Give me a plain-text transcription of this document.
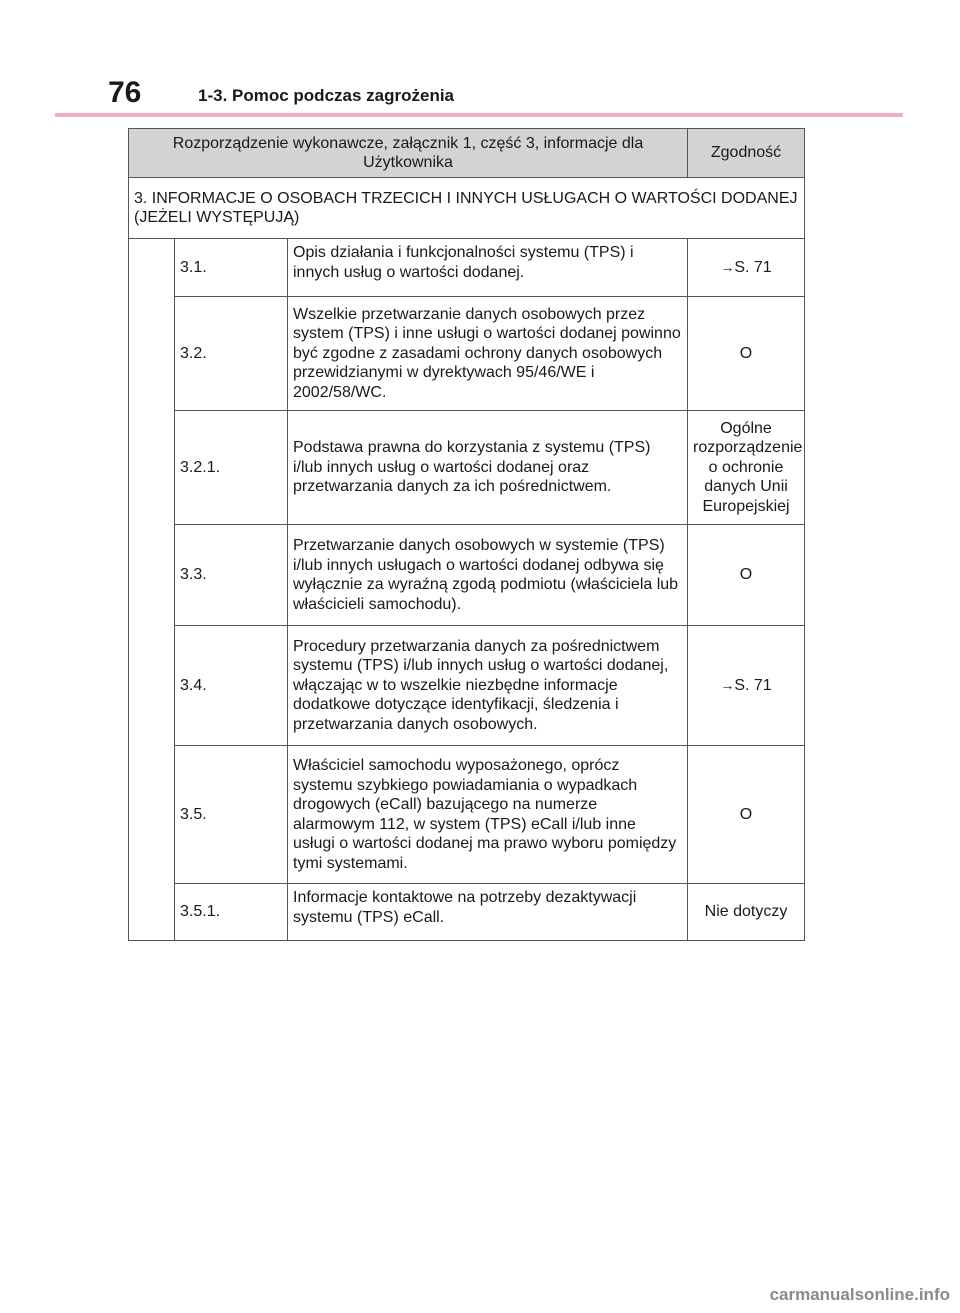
76	1-3. Pomoc podczas zagrożenia
Rozporządzenie wykonawcze, załącznik 1, część 3, informacje dla Użytkownika			Zgodność
3. INFORMACJE O OSOBACH TRZECICH I INNYCH USŁUGACH O WARTOŚCI DODANEJ (JEŻELI WYSTĘPUJĄ)			
	3.1.	Opis działania i funkcjonalności systemu (TPS) i innych usług o wartości dodanej.	→S. 71
	3.2.	Wszelkie przetwarzanie danych osobowych przez system (TPS) i inne usługi o wartości dodanej powinno być zgodne z zasadami ochrony danych osobowych przewidzianymi w dyrektywach 95/46/WE i 2002/58/WC.	O
	3.2.1.	Podstawa prawna do korzystania z systemu (TPS) i/lub innych usług o wartości dodanej oraz przetwarzania danych za ich pośrednictwem.	Ogólne rozporządzenie o ochronie danych Unii Europejskiej
	3.3.	Przetwarzanie danych osobowych w systemie (TPS) i/lub innych usługach o wartości dodanej odbywa się wyłącznie za wyraźną zgodą podmiotu (właściciela lub właścicieli samochodu).	O
	3.4.	Procedury przetwarzania danych za pośrednictwem systemu (TPS) i/lub innych usług o wartości dodanej, włączając w to wszelkie niezbędne informacje dodatkowe dotyczące identyfikacji, śledzenia i przetwarzania danych osobowych.	→S. 71
	3.5.	Właściciel samochodu wyposażonego, oprócz systemu szybkiego powiadamiania o wypadkach drogowych (eCall) bazującego na numerze alarmowym 112, w system (TPS) eCall i/lub inne usługi o wartości dodanej ma prawo wyboru pomiędzy tymi systemami.	O
	3.5.1.	Informacje kontaktowe na potrzeby dezaktywacji systemu (TPS) eCall.	Nie dotyczy
carmanualsonline.info
